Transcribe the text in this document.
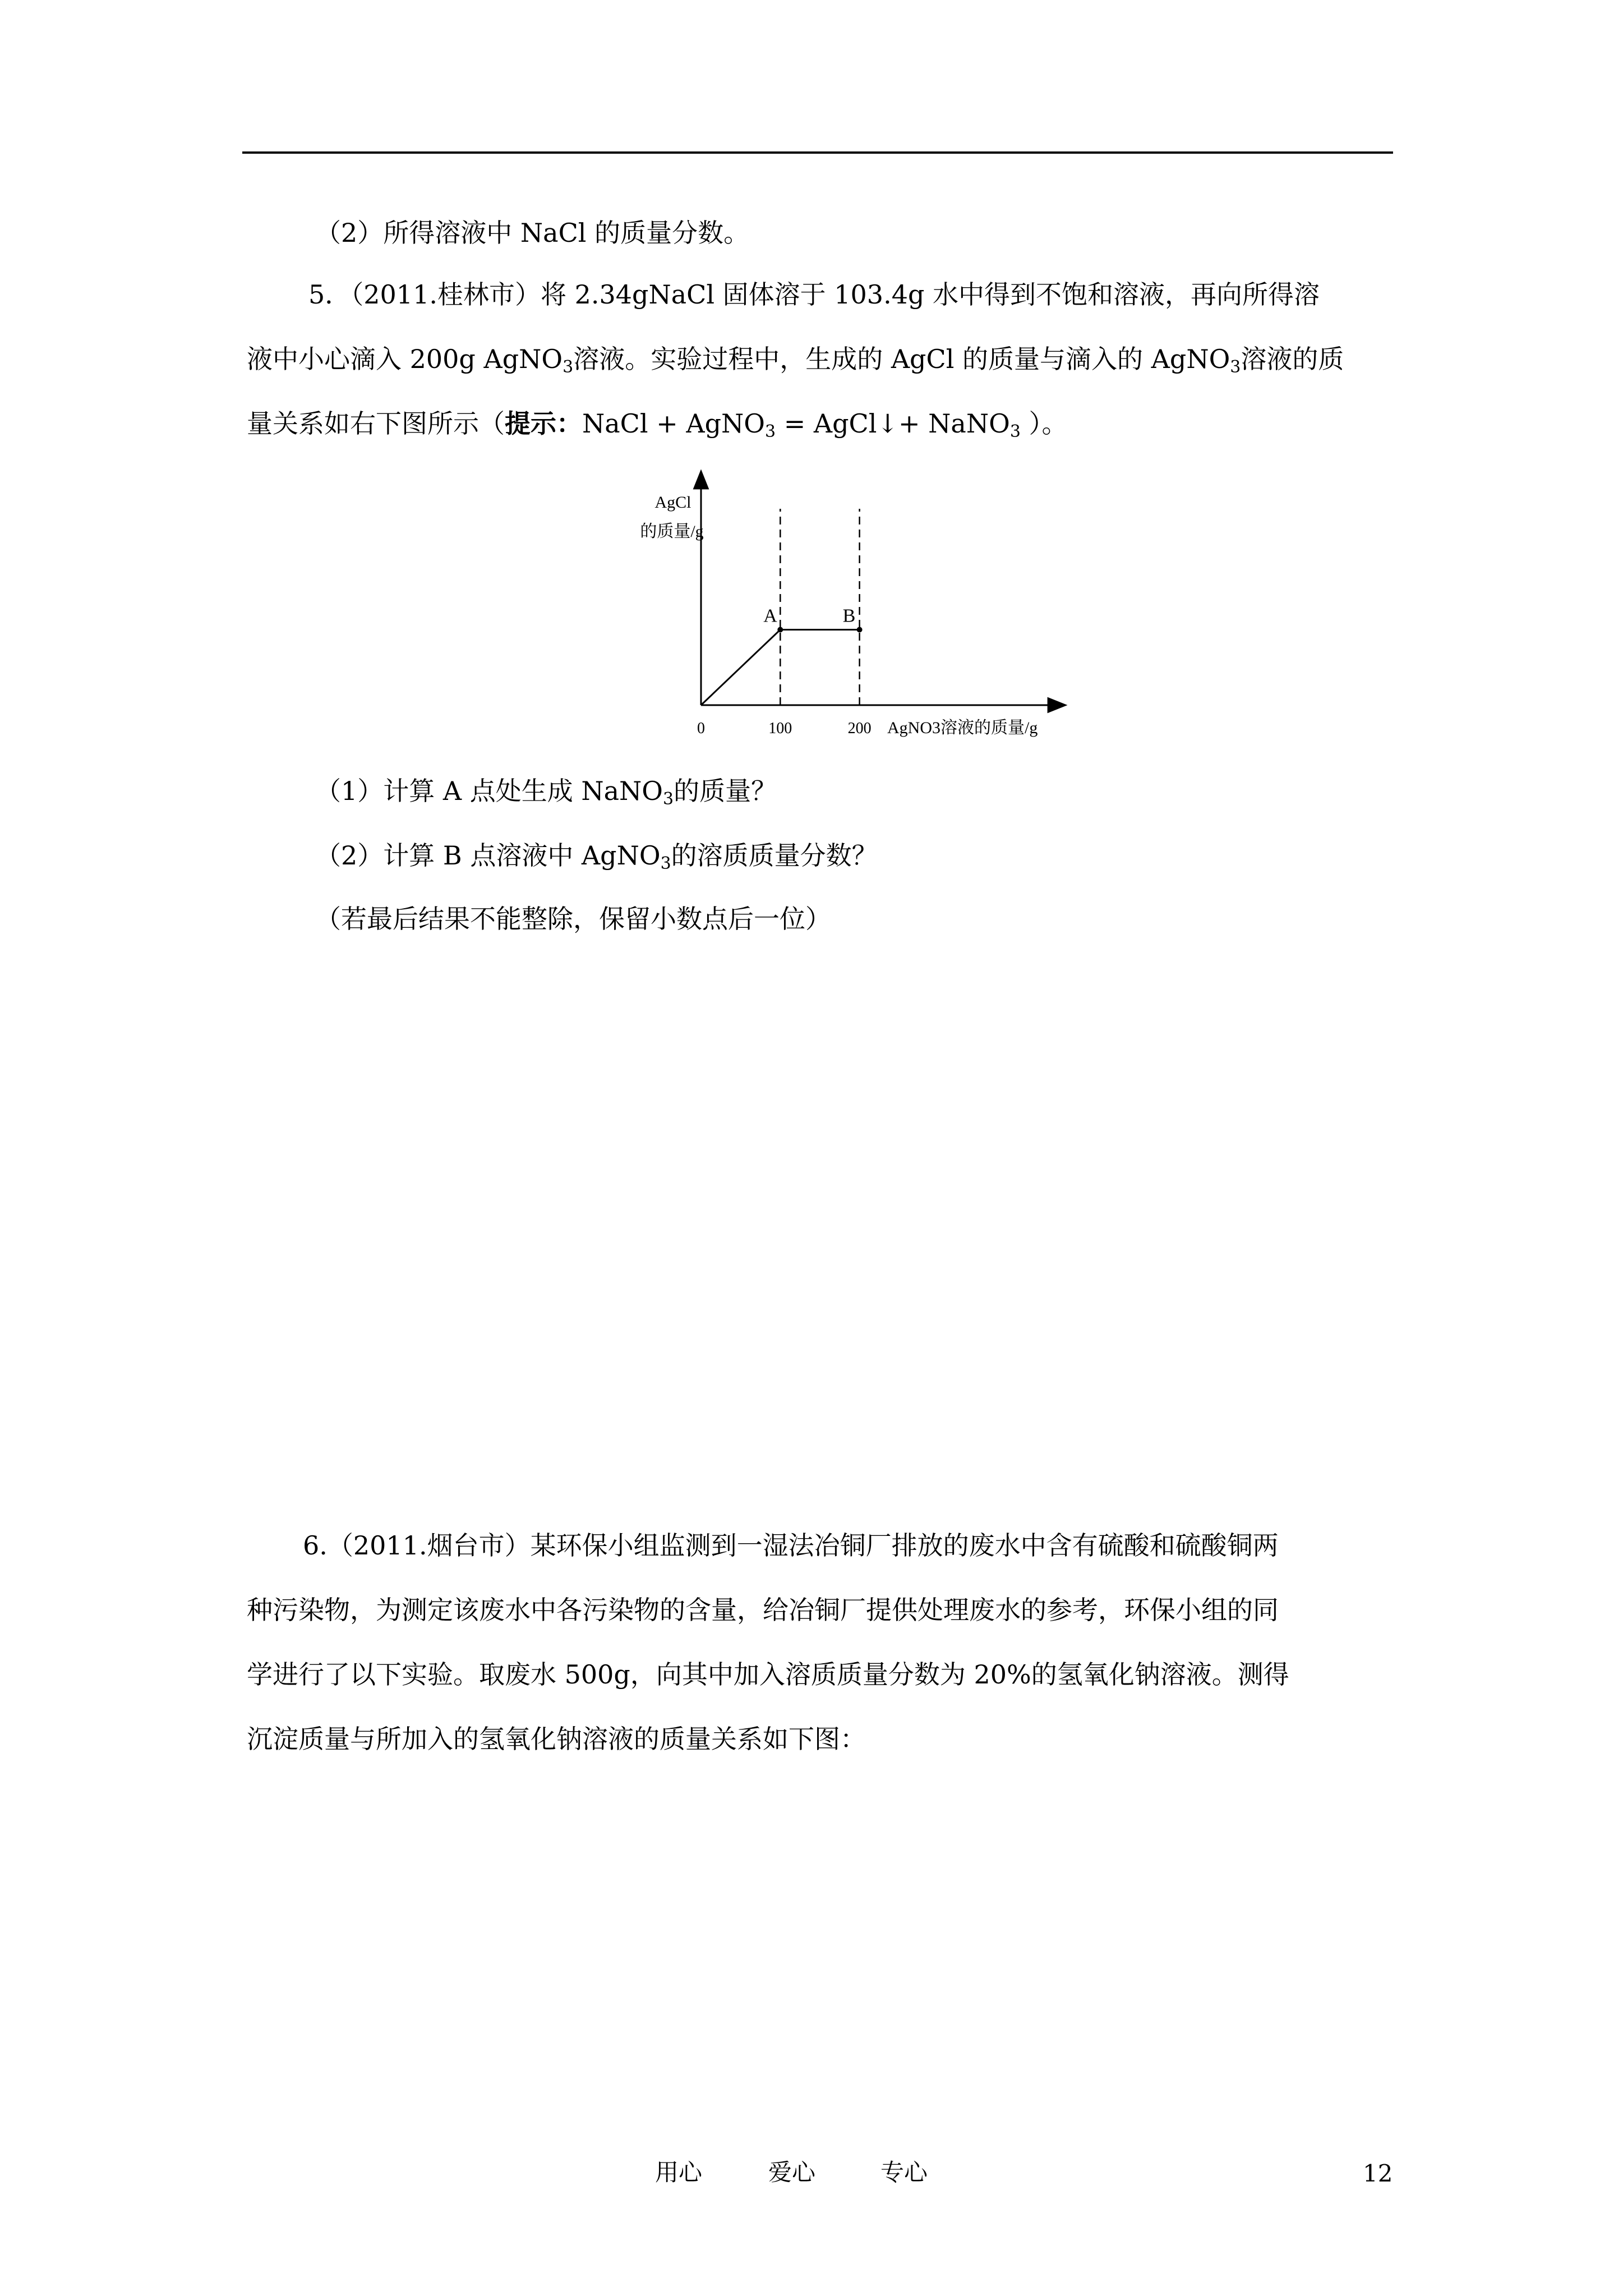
（2）所得溶液中 NaCl 的质量分数。
5．（2011.桂林市）将 2.34gNaCl 固体溶于 103.4g 水中得到不饱和溶液，再向所得溶
液中小心滴入 200g AgNO$_3$溶液。实验过程中，生成的 AgCl 的质量与滴入的 AgNO$_3$溶液的质
量关系如右下图所示（提示：NaCl + AgNO$_3$ = AgCl↓+ NaNO$_3$ ）。
AgCl
的质量/g
AgNO3溶液的质量/g
A	B
0	100	200
（1）计算 A 点处生成 NaNO$_3$的质量？
（2）计算 B 点溶液中 AgNO$_3$的溶质质量分数？
（若最后结果不能整除，保留小数点后一位）
6.（2011.烟台市）某环保小组监测到一湿法冶铜厂排放的废水中含有硫酸和硫酸铜两
种污染物，为测定该废水中各污染物的含量，给冶铜厂提供处理废水的参考，环保小组的同
学进行了以下实验。取废水 500g，向其中加入溶质质量分数为 20%的氢氧化钠溶液。测得
沉淀质量与所加入的氢氧化钠溶液的质量关系如下图：
用心	爱心	专心	12
